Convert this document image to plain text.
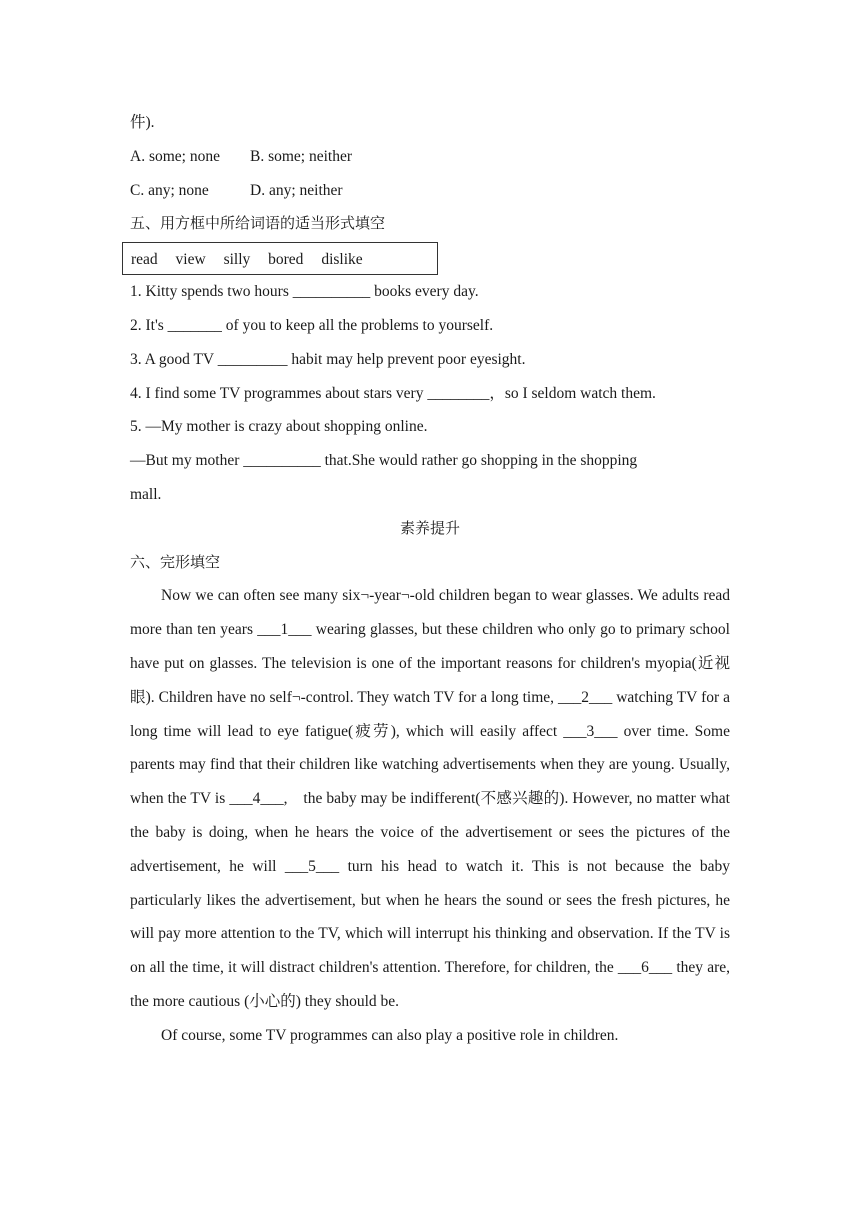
件).
A. some; none B. some; neither
C. any; none	D. any; neither
五、用方框中所给词语的适当形式填空
read view silly bored dislike
1. Kitty spends two hours __________ books every day.
2. It's _______ of you to keep all the problems to yourself.
3. A good TV _________ habit may help prevent poor eyesight.
4. I find some TV programmes about stars very ________，so I seldom watch them.
5. —My mother is crazy about shopping online.
—But my mother __________ that.She would rather go shopping in the shopping
mall.
素养提升
六、完形填空

Now we can often see many six¬-year¬-old children began to wear glasses. We adults read more than ten years ___1___ wearing glasses, but these children who only go to primary school have put on glasses. The television is one of the important reasons for children's myopia(近视眼). Children have no self¬-control. They watch TV for a long time, ___2___ watching TV for a long time will lead to eye fatigue(疲劳), which will easily affect ___3___ over time. Some parents may find that their children like watching advertisements when they are young. Usually, when the TV is ___4___,　the baby may be indifferent(不感兴趣的). However, no matter what the baby is doing, when he hears the voice of the advertisement or sees the pictures of the advertisement, he will ___5___ turn his head to watch it. This is not because the baby particularly likes the advertisement, but when he hears the sound or sees the fresh pictures, he will pay more attention to the TV, which will interrupt his thinking and observation. If the TV is on all the time, it will distract children's attention. Therefore, for children, the ___6___ they are, the more cautious (小心的) they should be.

Of course, some TV programmes can also play a positive role in children.
